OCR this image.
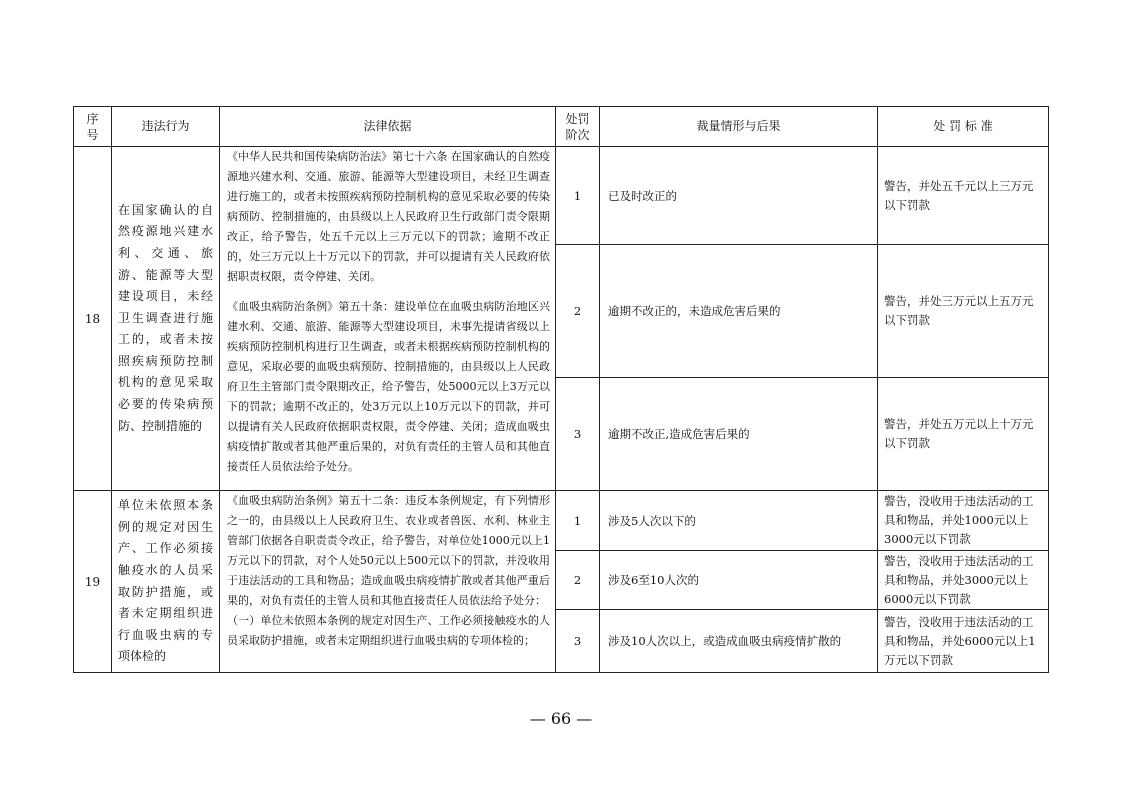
序号	违法行为	法律依据	处罚阶次	裁量情形与后果	处 罚 标 准
18	在国家确认的自然疫源地兴建水利、交通、旅游、能源等大型建设项目，未经卫生调查进行施工的，或者未按照疾病预防控制机构的意见采取必要的传染病预防、控制措施的	《中华人民共和国传染病防治法》第七十六条 在国家确认的自然疫源地兴建水利、交通、旅游、能源等大型建设项目，未经卫生调查进行施工的，或者未按照疾病预防控制机构的意见采取必要的传染病预防、控制措施的，由县级以上人民政府卫生行政部门责令限期改正，给予警告，处五千元以上三万元以下的罚款；逾期不改正的，处三万元以上十万元以下的罚款，并可以提请有关人民政府依据职责权限，责令停建、关闭。
《血吸虫病防治条例》第五十条：建设单位在血吸虫病防治地区兴建水利、交通、旅游、能源等大型建设项目，未事先提请省级以上疾病预防控制机构进行卫生调查，或者未根据疾病预防控制机构的意见，采取必要的血吸虫病预防、控制措施的，由县级以上人民政府卫生主管部门责令限期改正，给予警告，处5000元以上3万元以下的罚款；逾期不改正的，处3万元以上10万元以下的罚款，并可以提请有关人民政府依据职责权限，责令停建、关闭；造成血吸虫病疫情扩散或者其他严重后果的，对负有责任的主管人员和其他直接责任人员依法给予处分。	1	已及时改正的	警告，并处五千元以上三万元以下罚款
			2	逾期不改正的，未造成危害后果的	警告，并处三万元以上五万元以下罚款
			3	逾期不改正,造成危害后果的	警告，并处五万元以上十万元以下罚款
19	单位未依照本条例的规定对因生产、工作必须接触疫水的人员采取防护措施，或者未定期组织进行血吸虫病的专项体检的	《血吸虫病防治条例》第五十二条：违反本条例规定，有下列情形之一的，由县级以上人民政府卫生、农业或者兽医、水利、林业主管部门依据各自职责责令改正，给予警告，对单位处1000元以上1万元以下的罚款，对个人处50元以上500元以下的罚款，并没收用于违法活动的工具和物品；造成血吸虫病疫情扩散或者其他严重后果的，对负有责任的主管人员和其他直接责任人员依法给予处分：
（一）单位未依照本条例的规定对因生产、工作必须接触疫水的人员采取防护措施，或者未定期组织进行血吸虫病的专项体检的；	1	涉及5人次以下的	警告，没收用于违法活动的工具和物品，并处1000元以上3000元以下罚款
			2	涉及6至10人次的	警告，没收用于违法活动的工具和物品，并处3000元以上6000元以下罚款
			3	涉及10人次以上，或造成血吸虫病疫情扩散的	警告，没收用于违法活动的工具和物品，并处6000元以上1万元以下罚款
— 66 —
